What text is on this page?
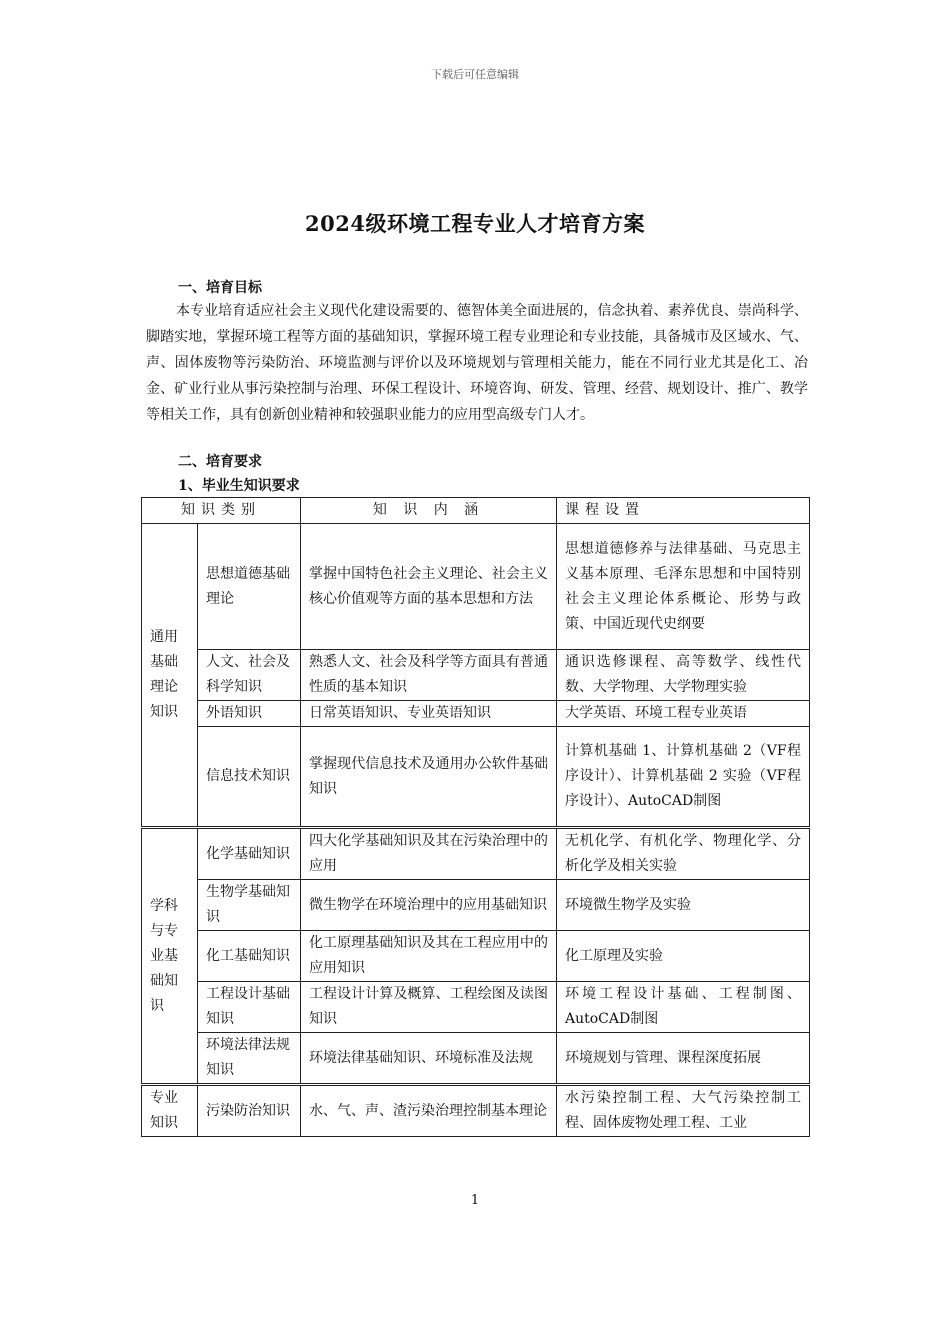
下载后可任意编辑
2024级环境工程专业人才培育方案
一、培育目标
本专业培育适应社会主义现代化建设需要的、德智体美全面进展的，信念执着、素养优良、崇尚科学、脚踏实地，掌握环境工程等方面的基础知识，掌握环境工程专业理论和专业技能，具备城市及区域水、气、声、固体废物等污染防治、环境监测与评价以及环境规划与管理相关能力，能在不同行业尤其是化工、冶金、矿业行业从事污染控制与治理、环保工程设计、环境咨询、研发、管理、经营、规划设计、推广、教学等相关工作，具有创新创业精神和较强职业能力的应用型高级专门人才。
二、培育要求
1、毕业生知识要求
知识类别		知 识 内 涵	课程设置
通用基础理论知识	思想道德基础理论	掌握中国特色社会主义理论、社会主义核心价值观等方面的基本思想和方法	思想道德修养与法律基础、马克思主义基本原理、毛泽东思想和中国特别社会主义理论体系概论、形势与政策、中国近现代史纲要
	人文、社会及科学知识	熟悉人文、社会及科学等方面具有普通性质的基本知识	通识选修课程、高等数学、线性代数、大学物理、大学物理实验
	外语知识	日常英语知识、专业英语知识	大学英语、环境工程专业英语
	信息技术知识	掌握现代信息技术及通用办公软件基础知识	计算机基础 1、计算机基础 2（VF程序设计）、计算机基础 2 实验（VF程序设计）、AutoCAD制图
学科与专业基础知识	化学基础知识	四大化学基础知识及其在污染治理中的应用	无机化学、有机化学、物理化学、分析化学及相关实验
	生物学基础知识	微生物学在环境治理中的应用基础知识	环境微生物学及实验
	化工基础知识	化工原理基础知识及其在工程应用中的应用知识	化工原理及实验
	工程设计基础知识	工程设计计算及概算、工程绘图及读图知识	环境工程设计基础、工程制图、AutoCAD制图
	环境法律法规知识	环境法律基础知识、环境标准及法规	环境规划与管理、课程深度拓展
专业知识	污染防治知识	水、气、声、渣污染治理控制基本理论	水污染控制工程、大气污染控制工程、固体废物处理工程、工业
1
